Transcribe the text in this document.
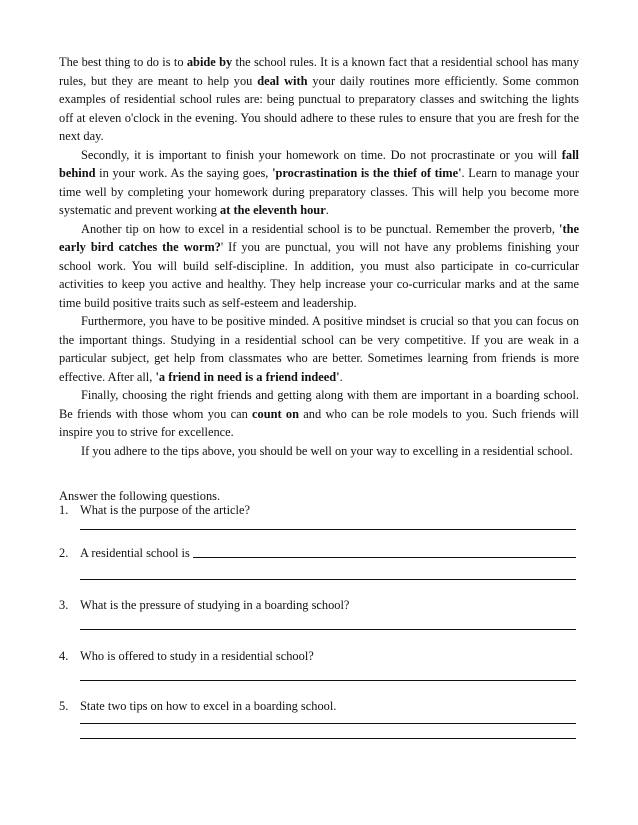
The best thing to do is to abide by the school rules. It is a known fact that a residential school has many rules, but they are meant to help you deal with your daily routines more efficiently. Some common examples of residential school rules are: being punctual to preparatory classes and switching the lights off at eleven o'clock in the evening. You should adhere to these rules to ensure that you are fresh for the next day.

Secondly, it is important to finish your homework on time. Do not procrastinate or you will fall behind in your work. As the saying goes, 'procrastination is the thief of time'. Learn to manage your time well by completing your homework during preparatory classes. This will help you become more systematic and prevent working at the eleventh hour.

Another tip on how to excel in a residential school is to be punctual. Remember the proverb, 'the early bird catches the worm?' If you are punctual, you will not have any problems finishing your school work. You will build self-discipline. In addition, you must also participate in co-curricular activities to keep you active and healthy. They help increase your co-curricular marks and at the same time build positive traits such as self-esteem and leadership.

Furthermore, you have to be positive minded. A positive mindset is crucial so that you can focus on the important things. Studying in a residential school can be very competitive. If you are weak in a particular subject, get help from classmates who are better. Sometimes learning from friends is more effective. After all, 'a friend in need is a friend indeed'.

Finally, choosing the right friends and getting along with them are important in a boarding school. Be friends with those whom you can count on and who can be role models to you. Such friends will inspire you to strive for excellence.

If you adhere to the tips above, you should be well on your way to excelling in a residential school.

Answer the following questions.

1. What is the purpose of the article?
2. A residential school is
3. What is the pressure of studying in a boarding school?
4. Who is offered to study in a residential school?
5. State two tips on how to excel in a boarding school.
